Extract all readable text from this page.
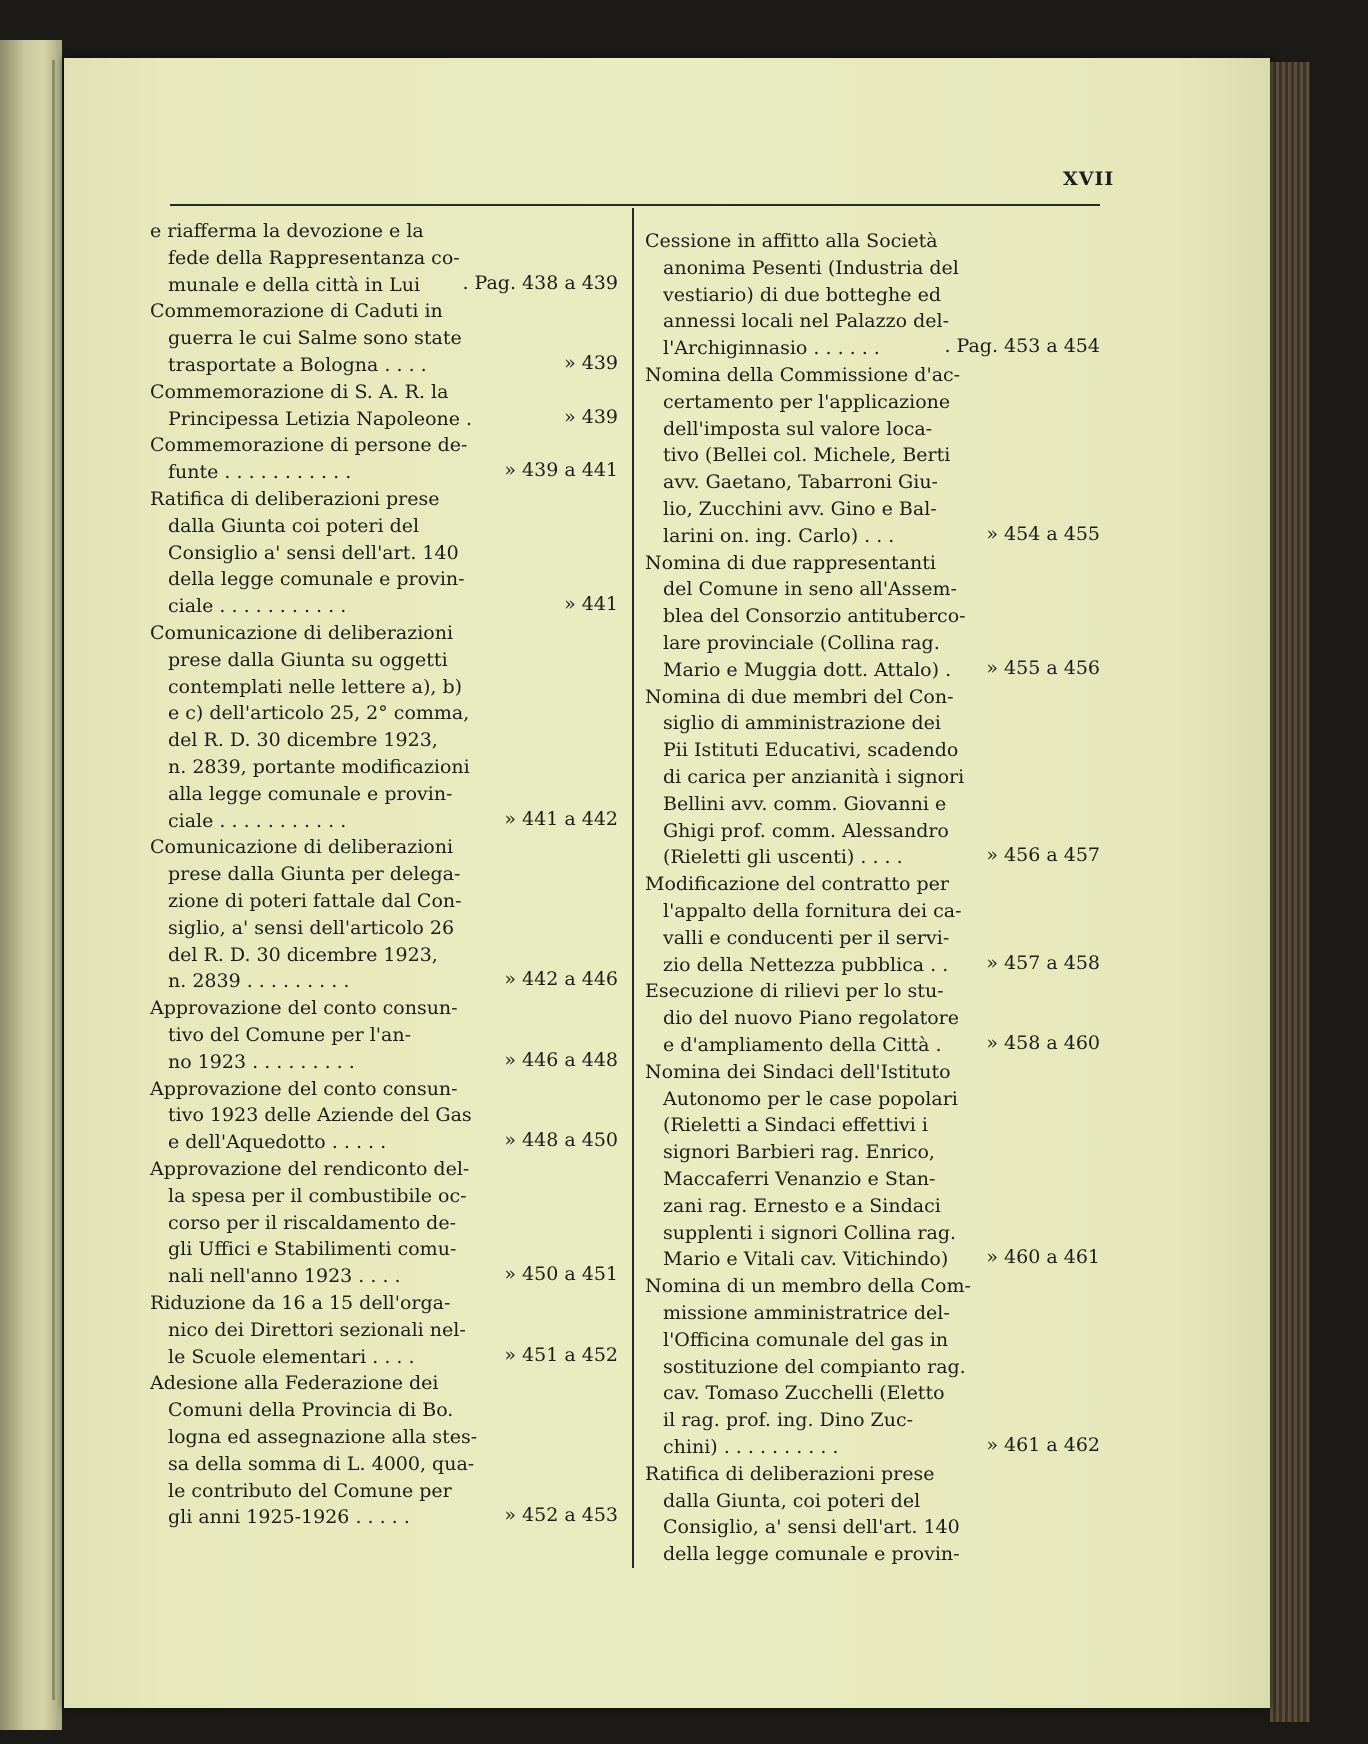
XVII
e riafferma la devozione e la
fede della Rappresentanza co-
munale e della città in Lui	. Pag. 438 a 439
Commemorazione di Caduti in
guerra le cui Salme sono state
trasportate a Bologna . . . .	» 439
Commemorazione di S. A. R. la
Principessa Letizia Napoleone .	» 439
Commemorazione di persone de-
funte . . . . . . . . . . .	» 439 a 441
Ratifica di deliberazioni prese
dalla Giunta coi poteri del
Consiglio a' sensi dell'art. 140
della legge comunale e provin-
ciale . . . . . . . . . . .	» 441
Comunicazione di deliberazioni
prese dalla Giunta su oggetti
contemplati nelle lettere a), b)
e c) dell'articolo 25, 2° comma,
del R. D. 30 dicembre 1923,
n. 2839, portante modificazioni
alla legge comunale e provin-
ciale . . . . . . . . . . .	» 441 a 442
Comunicazione di deliberazioni
prese dalla Giunta per delega-
zione di poteri fattale dal Con-
siglio, a' sensi dell'articolo 26
del R. D. 30 dicembre 1923,
n. 2839 . . . . . . . . .	» 442 a 446
Approvazione del conto consun-
tivo del Comune per l'an-
no 1923 . . . . . . . . .	» 446 a 448
Approvazione del conto consun-
tivo 1923 delle Aziende del Gas
e dell'Aquedotto . . . . .	» 448 a 450
Approvazione del rendiconto del-
la spesa per il combustibile oc-
corso per il riscaldamento de-
gli Uffici e Stabilimenti comu-
nali nell'anno 1923 . . . .	» 450 a 451
Riduzione da 16 a 15 dell'orga-
nico dei Direttori sezionali nel-
le Scuole elementari . . . .	» 451 a 452
Adesione alla Federazione dei
Comuni della Provincia di Bo.
logna ed assegnazione alla stes-
sa della somma di L. 4000, qua-
le contributo del Comune per
gli anni 1925-1926 . . . . .	» 452 a 453
Cessione in affitto alla Società
anonima Pesenti (Industria del
vestiario) di due botteghe ed
annessi locali nel Palazzo del-
l'Archiginnasio . . . . . .	. Pag. 453 a 454
Nomina della Commissione d'ac-
certamento per l'applicazione
dell'imposta sul valore loca-
tivo (Bellei col. Michele, Berti
avv. Gaetano, Tabarroni Giu-
lio, Zucchini avv. Gino e Bal-
larini on. ing. Carlo) . . .	» 454 a 455
Nomina di due rappresentanti
del Comune in seno all'Assem-
blea del Consorzio antituberco-
lare provinciale (Collina rag.
Mario e Muggia dott. Attalo) .	» 455 a 456
Nomina di due membri del Con-
siglio di amministrazione dei
Pii Istituti Educativi, scadendo
di carica per anzianità i signori
Bellini avv. comm. Giovanni e
Ghigi prof. comm. Alessandro
(Rieletti gli uscenti) . . . .	» 456 a 457
Modificazione del contratto per
l'appalto della fornitura dei ca-
valli e conducenti per il servi-
zio della Nettezza pubblica . .	» 457 a 458
Esecuzione di rilievi per lo stu-
dio del nuovo Piano regolatore
e d'ampliamento della Città .	» 458 a 460
Nomina dei Sindaci dell'Istituto
Autonomo per le case popolari
(Rieletti a Sindaci effettivi i
signori Barbieri rag. Enrico,
Maccaferri Venanzio e Stan-
zani rag. Ernesto e a Sindaci
supplenti i signori Collina rag.
Mario e Vitali cav. Vitichindo)	» 460 a 461
Nomina di un membro della Com-
missione amministratrice del-
l'Officina comunale del gas in
sostituzione del compianto rag.
cav. Tomaso Zucchelli (Eletto
il rag. prof. ing. Dino Zuc-
chini) . . . . . . . . . .	» 461 a 462
Ratifica di deliberazioni prese
dalla Giunta, coi poteri del
Consiglio, a' sensi dell'art. 140
della legge comunale e provin-
